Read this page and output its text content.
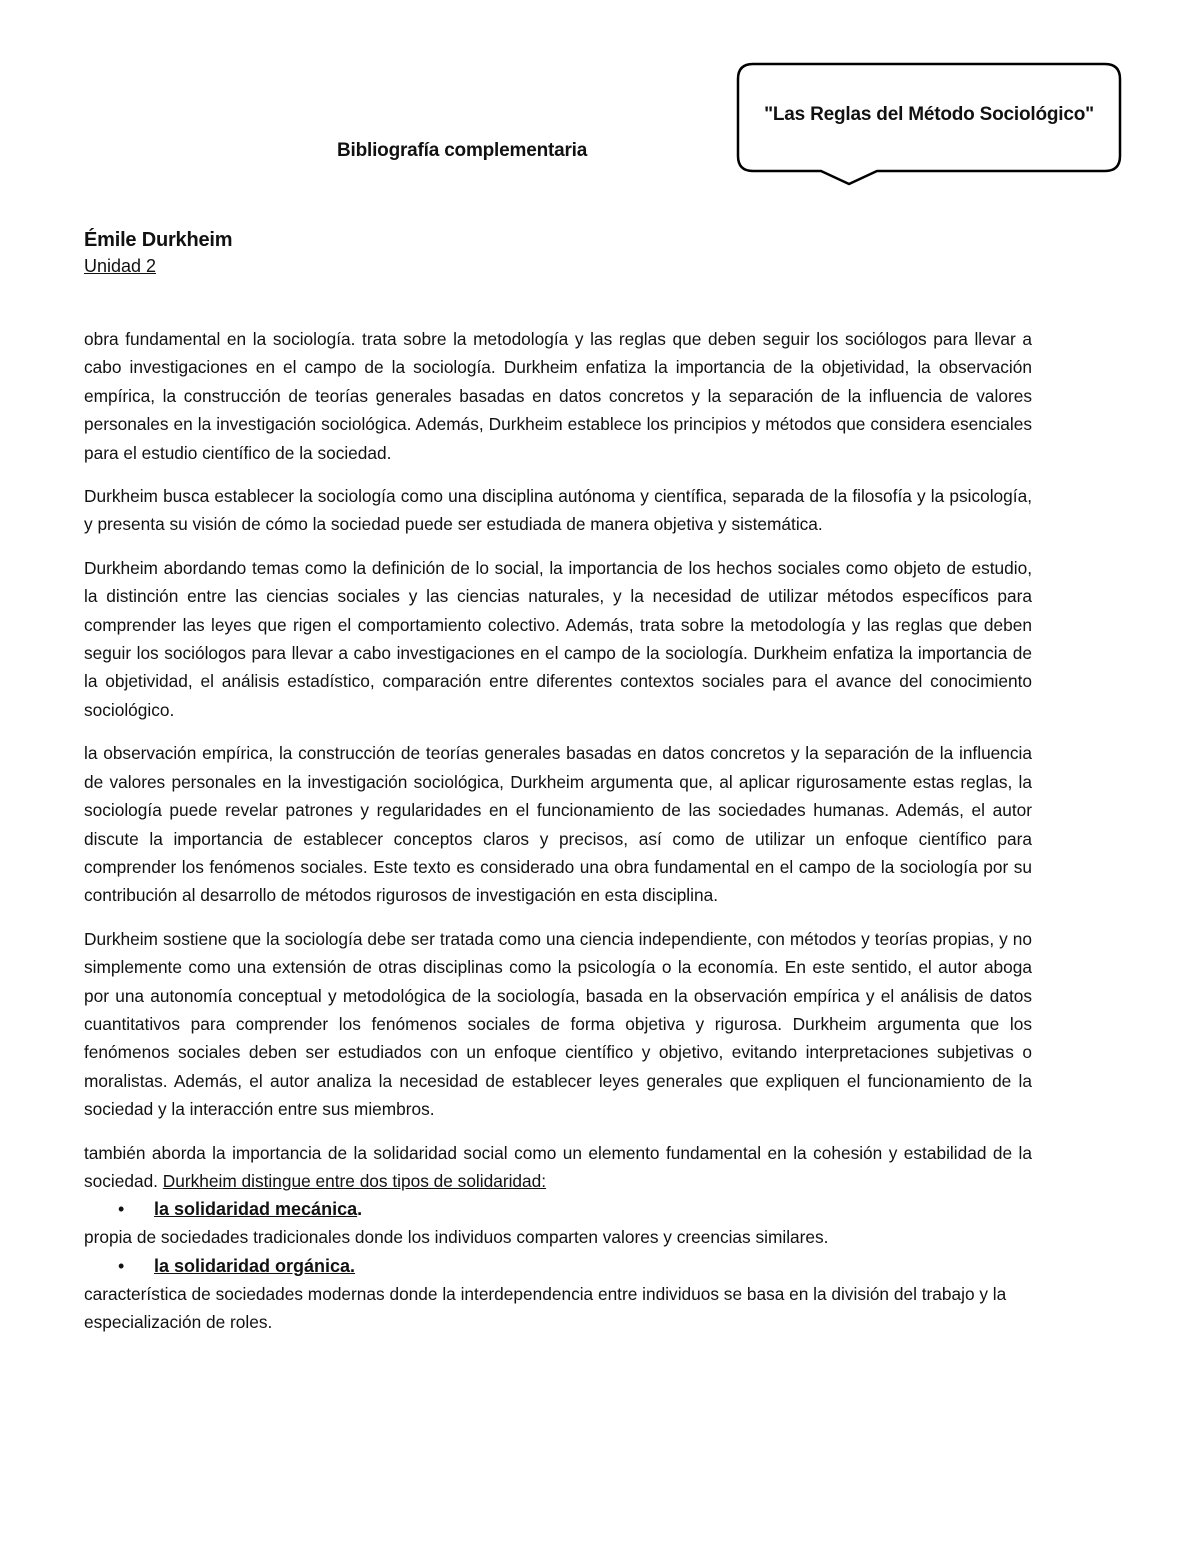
"Las Reglas del Método Sociológico"
Bibliografía complementaria
Émile Durkheim
Unidad 2

obra fundamental en la sociología. trata sobre la metodología y las reglas que deben seguir los sociólogos para llevar a cabo investigaciones en el campo de la sociología. Durkheim enfatiza la importancia de la objetividad, la observación empírica, la construcción de teorías generales basadas en datos concretos y la separación de la influencia de valores personales en la investigación sociológica. Además, Durkheim establece los principios y métodos que considera esenciales para el estudio científico de la sociedad.

Durkheim busca establecer la sociología como una disciplina autónoma y científica, separada de la filosofía y la psicología, y presenta su visión de cómo la sociedad puede ser estudiada de manera objetiva y sistemática.

Durkheim abordando temas como la definición de lo social, la importancia de los hechos sociales como objeto de estudio, la distinción entre las ciencias sociales y las ciencias naturales, y la necesidad de utilizar métodos específicos para comprender las leyes que rigen el comportamiento colectivo. Además, trata sobre la metodología y las reglas que deben seguir los sociólogos para llevar a cabo investigaciones en el campo de la sociología. Durkheim enfatiza la importancia de la objetividad, el análisis estadístico, comparación entre diferentes contextos sociales para el avance del conocimiento sociológico.

la observación empírica, la construcción de teorías generales basadas en datos concretos y la separación de la influencia de valores personales en la investigación sociológica, Durkheim argumenta que, al aplicar rigurosamente estas reglas, la sociología puede revelar patrones y regularidades en el funcionamiento de las sociedades humanas. Además, el autor discute la importancia de establecer conceptos claros y precisos, así como de utilizar un enfoque científico para comprender los fenómenos sociales. Este texto es considerado una obra fundamental en el campo de la sociología por su contribución al desarrollo de métodos rigurosos de investigación en esta disciplina.

Durkheim sostiene que la sociología debe ser tratada como una ciencia independiente, con métodos y teorías propias, y no simplemente como una extensión de otras disciplinas como la psicología o la economía. En este sentido, el autor aboga por una autonomía conceptual y metodológica de la sociología, basada en la observación empírica y el análisis de datos cuantitativos para comprender los fenómenos sociales de forma objetiva y rigurosa. Durkheim argumenta que los fenómenos sociales deben ser estudiados con un enfoque científico y objetivo, evitando interpretaciones subjetivas o moralistas. Además, el autor analiza la necesidad de establecer leyes generales que expliquen el funcionamiento de la sociedad y la interacción entre sus miembros.

también aborda la importancia de la solidaridad social como un elemento fundamental en la cohesión y estabilidad de la sociedad. Durkheim distingue entre dos tipos de solidaridad:

•	la solidaridad mecánica .

propia de sociedades tradicionales donde los individuos comparten valores y creencias similares.

•	la solidaridad orgánica.

característica de sociedades modernas donde la interdependencia entre individuos se basa en la división del trabajo y la especialización de roles.
